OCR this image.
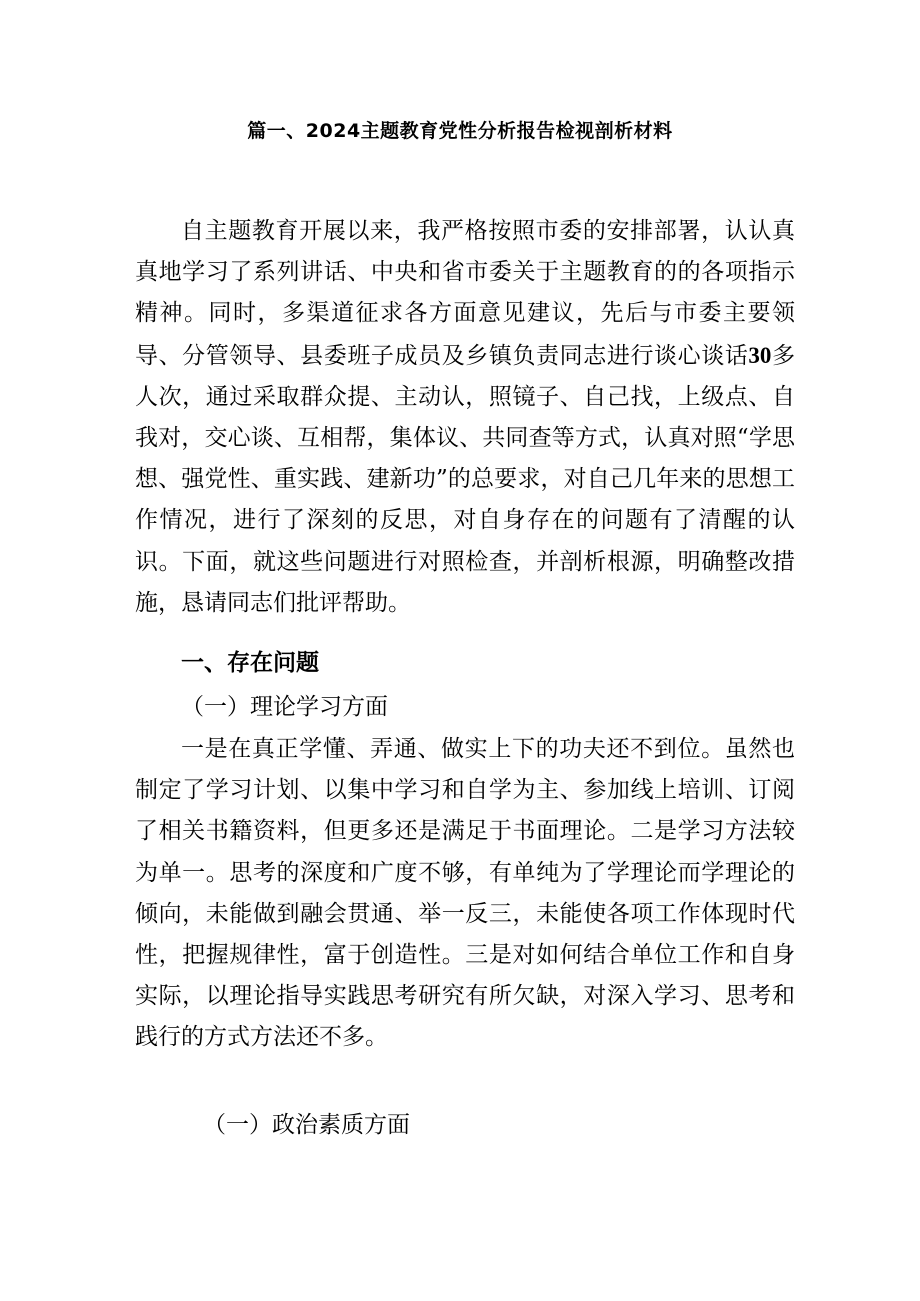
篇一、2024主题教育党性分析报告检视剖析材料

自主题教育开展以来，我严格按照市委的安排部署，认认真真地学习了系列讲话、中央和省市委关于主题教育的的各项指示精神。同时，多渠道征求各方面意见建议，先后与市委主要领导、分管领导、县委班子成员及乡镇负责同志进行谈心谈话30多人次，通过采取群众提、主动认，照镜子、自己找，上级点、自我对，交心谈、互相帮，集体议、共同查等方式，认真对照“学思想、强党性、重实践、建新功”的总要求，对自己几年来的思想工作情况，进行了深刻的反思，对自身存在的问题有了清醒的认识。下面，就这些问题进行对照检查，并剖析根源，明确整改措施，恳请同志们批评帮助。

一、存在问题
（一）理论学习方面

一是在真正学懂、弄通、做实上下的功夫还不到位。虽然也制定了学习计划、以集中学习和自学为主、参加线上培训、订阅了相关书籍资料，但更多还是满足于书面理论。二是学习方法较为单一。思考的深度和广度不够，有单纯为了学理论而学理论的倾向，未能做到融会贯通、举一反三，未能使各项工作体现时代性，把握规律性，富于创造性。三是对如何结合单位工作和自身实际，以理论指导实践思考研究有所欠缺，对深入学习、思考和践行的方式方法还不多。

（一）政治素质方面
